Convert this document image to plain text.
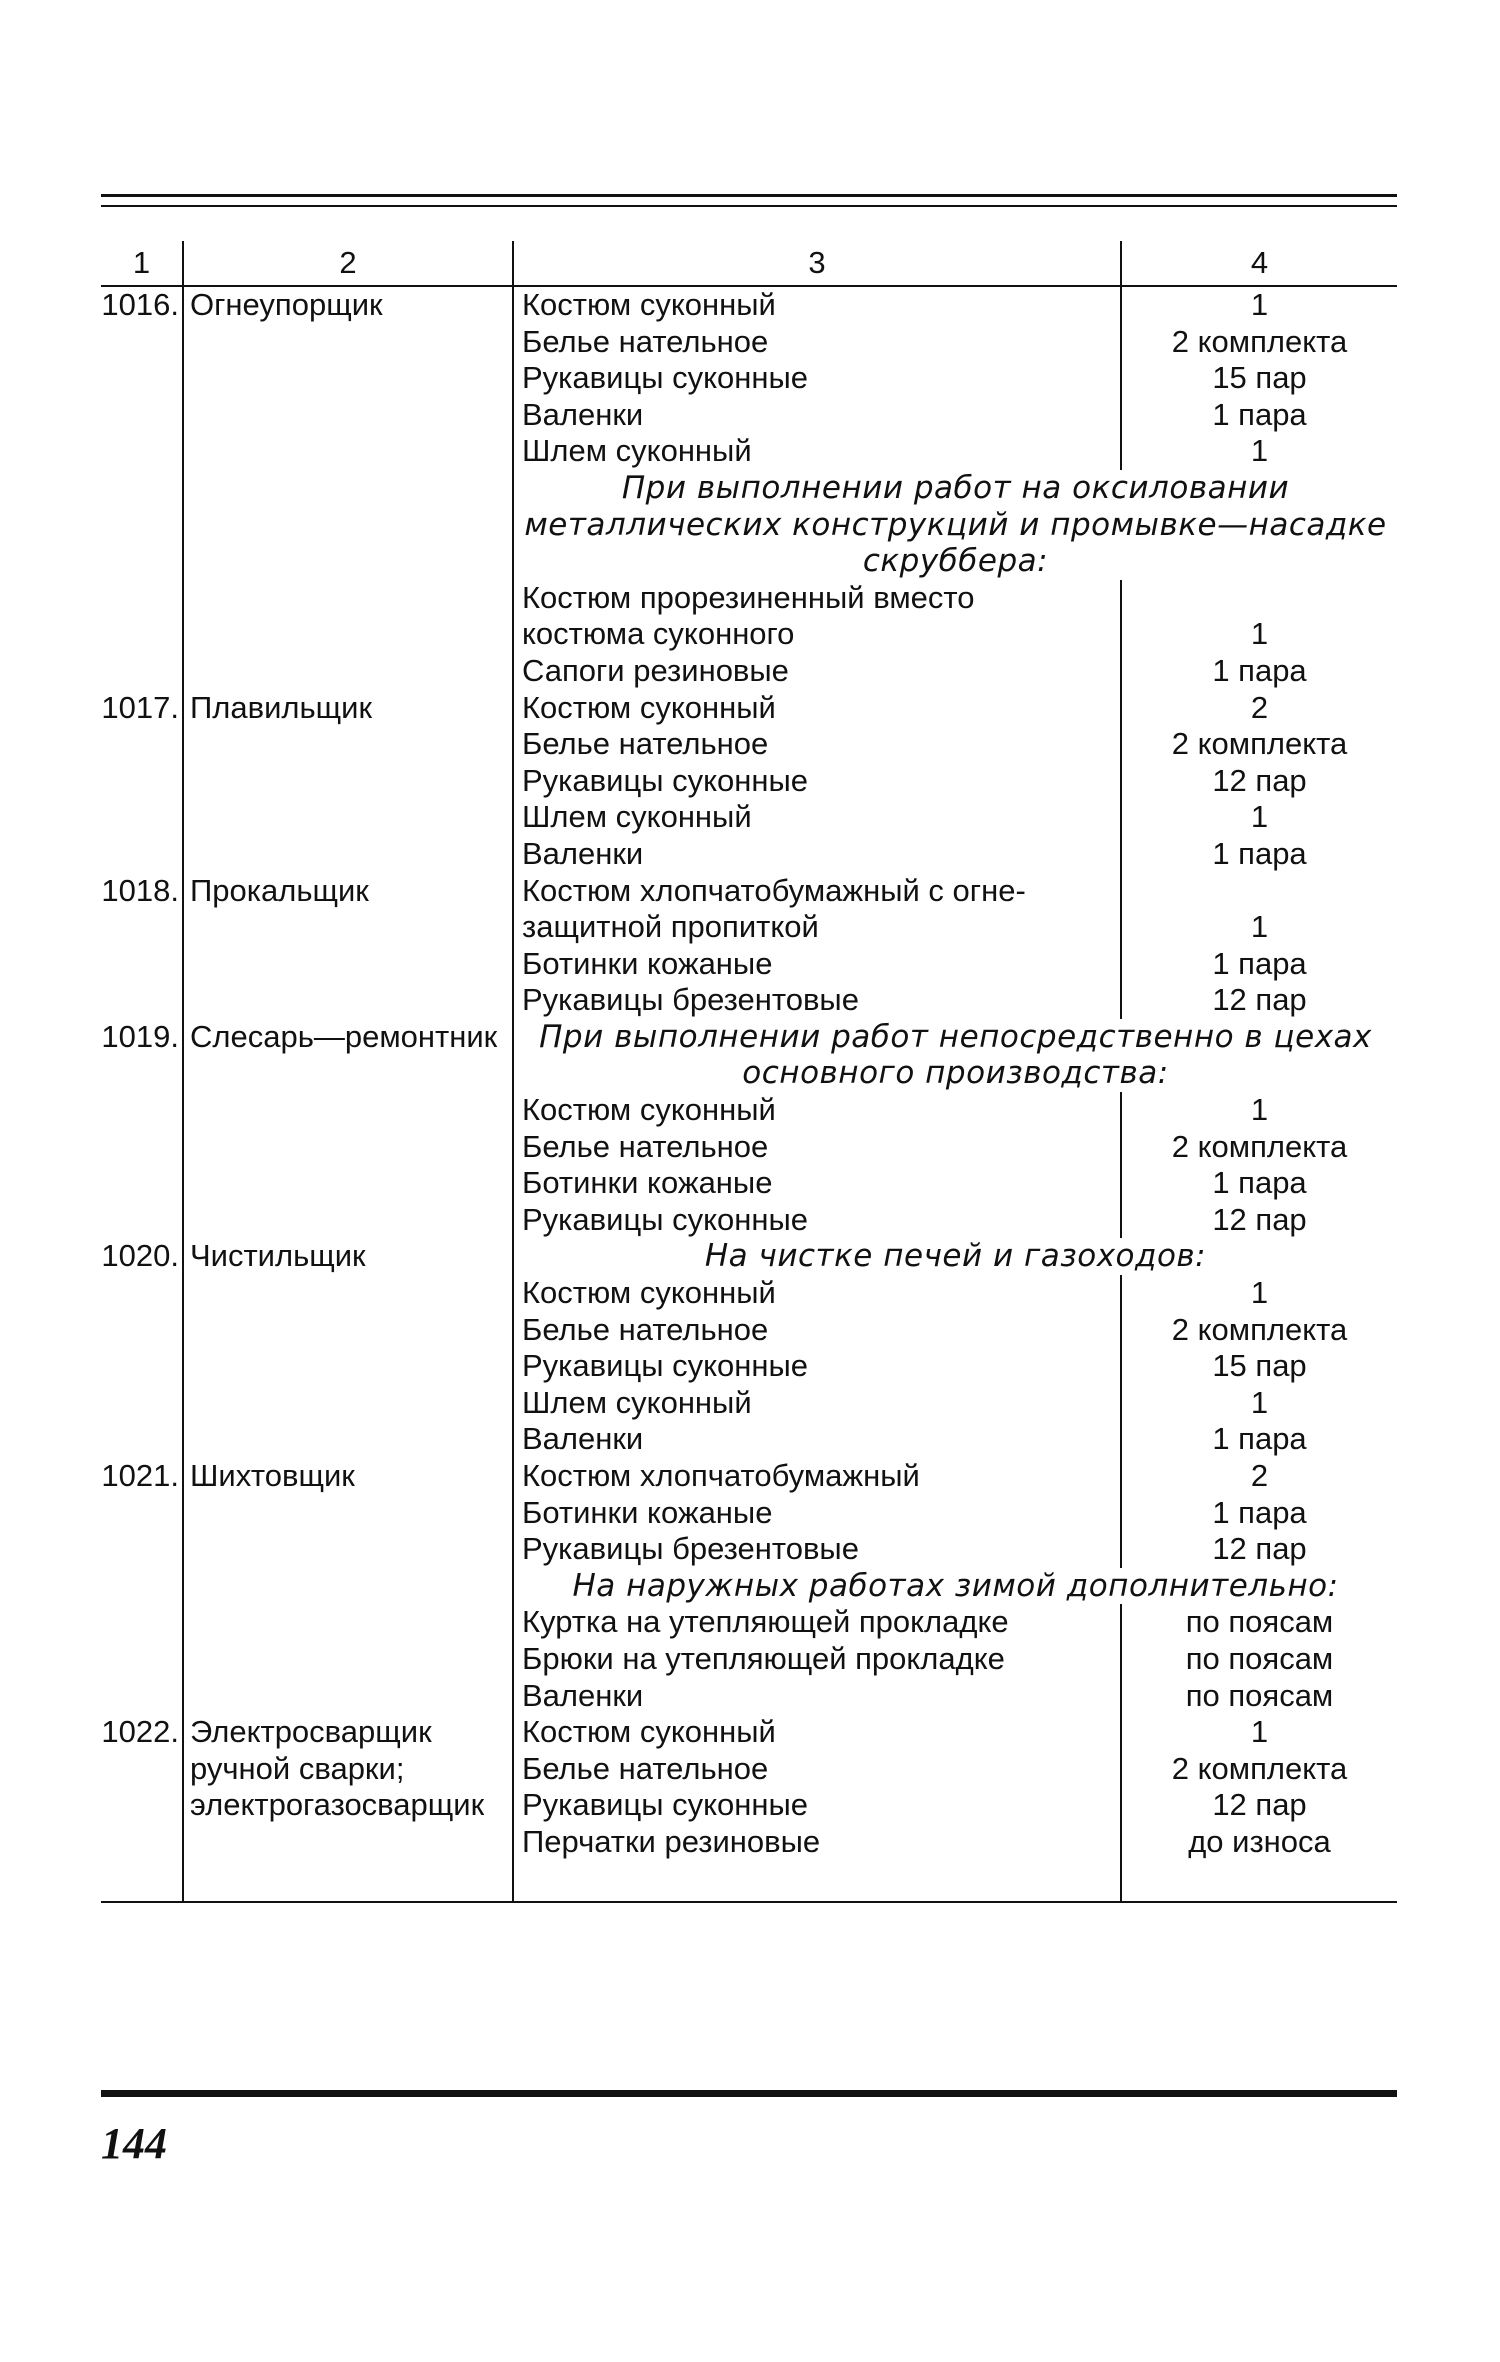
1	2	3	4
1016.	Огнеупорщик	Костюм суконный	1
		Белье нательное	2 комплекта
		Рукавицы суконные	15 пар
		Валенки	1 пара
		Шлем суконный	1
		При выполнении работ на оксиловании металлических конструкций и промывке—насадке скруббера:	
		Костюм прорезиненный вместо	
		костюма суконного	1
		Сапоги резиновые	1 пара
1017.	Плавильщик	Костюм суконный	2
		Белье нательное	2 комплекта
		Рукавицы суконные	12 пар
		Шлем суконный	1
		Валенки	1 пара
1018.	Прокальщик	Костюм хлопчатобумажный с огне-	
		защитной пропиткой	1
		Ботинки кожаные	1 пара
		Рукавицы брезентовые	12 пар
1019.	Слесарь—ремонтник	При выполнении работ непосредственно в цехах основного производства:	
		Костюм суконный	1
		Белье нательное	2 комплекта
		Ботинки кожаные	1 пара
		Рукавицы суконные	12 пар
1020.	Чистильщик	На чистке печей и газоходов:	
		Костюм суконный	1
		Белье нательное	2 комплекта
		Рукавицы суконные	15 пар
		Шлем суконный	1
		Валенки	1 пара
1021.	Шихтовщик	Костюм хлопчатобумажный	2
		Ботинки кожаные	1 пара
		Рукавицы брезентовые	12 пар
		На наружных работах зимой дополнительно:	
		Куртка на утепляющей прокладке	по поясам
		Брюки на утепляющей прокладке	по поясам
		Валенки	по поясам
1022.	Электросварщик	Костюм суконный	1
	ручной сварки;	Белье нательное	2 комплекта
	электрогазосварщик	Рукавицы суконные	12 пар
		Перчатки резиновые	до износа
144
